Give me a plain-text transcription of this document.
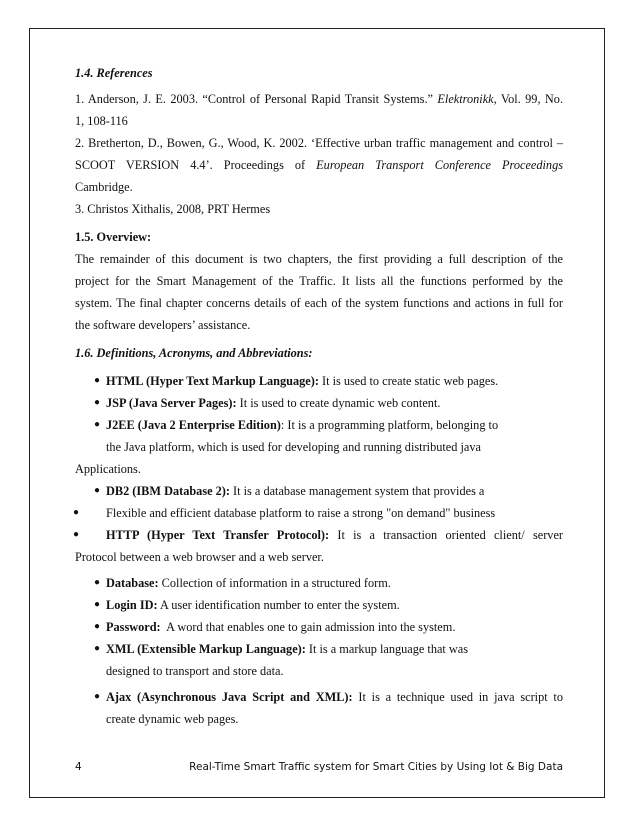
1.4. References

1. Anderson, J. E. 2003. “Control of Personal Rapid Transit Systems.” Elektronikk, Vol. 99, No.

1, 108-116

2. Bretherton, D., Bowen, G., Wood, K. 2002. ‘Effective urban traffic management and control –

SCOOT VERSION 4.4’. Proceedings of European Transport Conference Proceedings

Cambridge.

3. Christos Xithalis, 2008, PRT Hermes

1.5. Overview:

The remainder of this document is two chapters, the first providing a full description of the

project for the Smart Management of the Traffic. It lists all the functions performed by the

system. The final chapter concerns details of each of the system functions and actions in full for

the software developers’ assistance.

1.6. Definitions, Acronyms, and Abbreviations:

● HTML (Hyper Text Markup Language): It is used to create static web pages.

● JSP (Java Server Pages): It is used to create dynamic web content.

● J2EE (Java 2 Enterprise Edition): It is a programming platform, belonging to

the Java platform, which is used for developing and running distributed java

Applications.

● DB2 (IBM Database 2): It is a database management system that provides a

● Flexible and efficient database platform to raise a strong "on demand" business

● HTTP (Hyper Text Transfer Protocol): It is a transaction oriented client/ server

Protocol between a web browser and a web server.

● Database: Collection of information in a structured form.

● Login ID: A user identification number to enter the system.

● Password:  A word that enables one to gain admission into the system.

● XML (Extensible Markup Language): It is a markup language that was

designed to transport and store data.

● Ajax (Asynchronous Java Script and XML): It is a technique used in java script to

create dynamic web pages.

4	Real-Time Smart Traffic system for Smart Cities by Using Iot & Big Data
